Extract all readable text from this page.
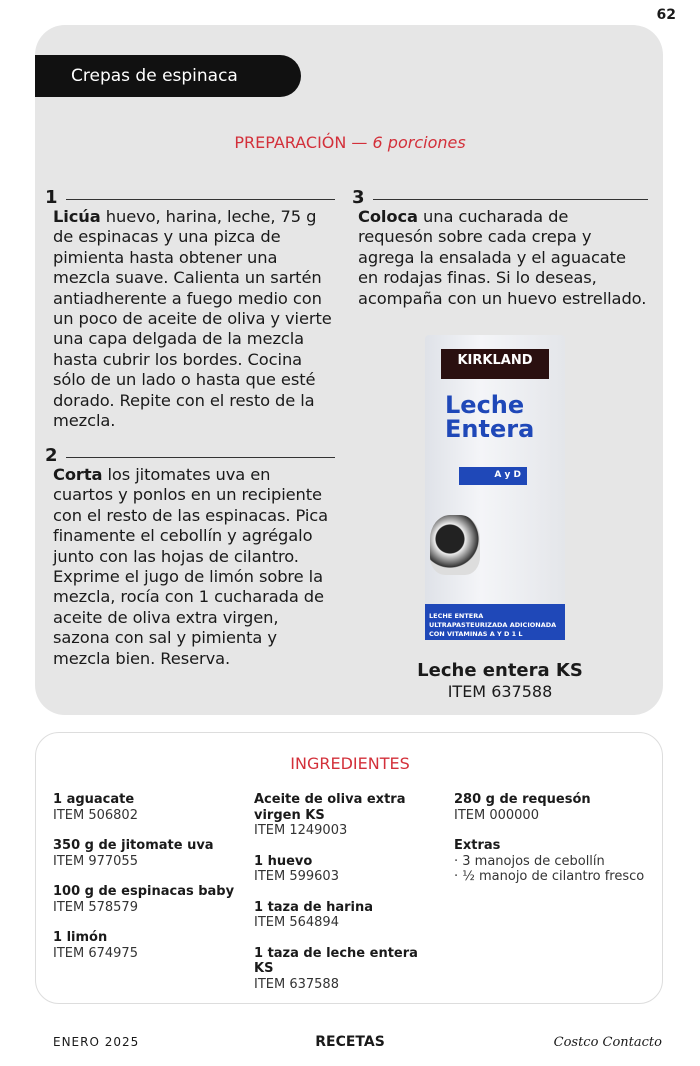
62
Crepas de espinaca
PREPARACIÓN — 6 porciones
1
Licúa huevo, harina, leche, 75 g de espinacas y una pizca de pimienta hasta obtener una mezcla suave. Calienta un sartén antiadherente a fuego medio con un poco de aceite de oliva y vierte una capa delgada de la mezcla hasta cubrir los bordes. Cocina sólo de un lado o hasta que esté dorado. Repite con el resto de la mezcla.
2
Corta los jitomates uva en cuartos y ponlos en un recipiente con el resto de las espinacas. Pica finamente el cebollín y agrégalo junto con las hojas de cilantro. Exprime el jugo de limón sobre la mezcla, rocía con 1 cucharada de aceite de oliva extra virgen, sazona con sal y pimienta y mezcla bien. Reserva.
3
Coloca una cucharada de requesón sobre cada crepa y agrega la ensalada y el aguacate en rodajas finas. Si lo deseas, acompaña con un huevo estrellado.
KIRKLAND
Leche
Entera
A y D
LECHE ENTERA ULTRAPASTEURIZADA ADICIONADA CON VITAMINAS A Y D 1 L
Leche entera KS
ITEM 637588
INGREDIENTES
1 aguacate
ITEM 506802
350 g de jitomate uva
ITEM 977055
100 g de espinacas baby
ITEM 578579
1 limón
ITEM 674975
Aceite de oliva extra virgen KS
ITEM 1249003
1 huevo
ITEM 599603
1 taza de harina
ITEM 564894
1 taza de leche entera KS
ITEM 637588
280 g de requesón
ITEM 000000
Extras
· 3 manojos de cebollín
· ½ manojo de cilantro fresco
ENERO 2025	RECETAS	Costco Contacto
